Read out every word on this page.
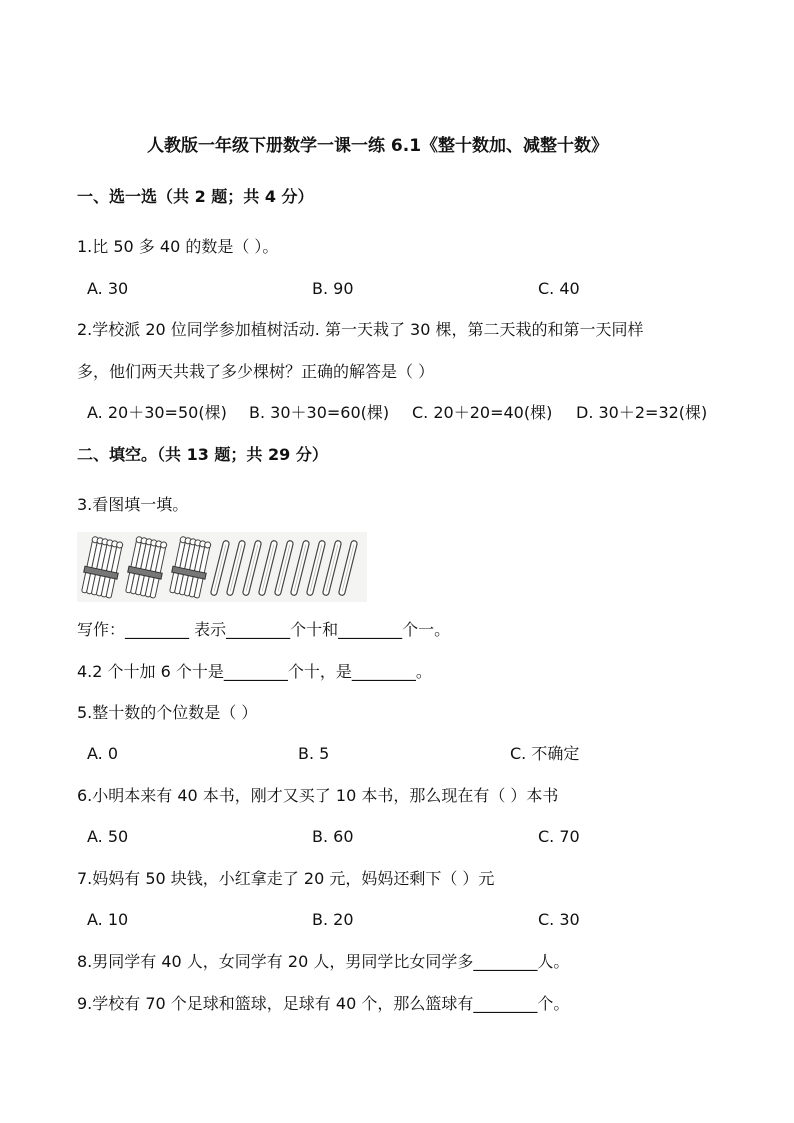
人教版一年级下册数学一课一练 6.1《整十数加、减整十数》
一、选一选（共 2 题；共 4 分）
1.比 50 多 40 的数是（ ）。
A. 30	B. 90	C. 40
2.学校派 20 位同学参加植树活动. 第一天栽了 30 棵，第二天栽的和第一天同样
多，他们两天共栽了多少棵树？正确的解答是（ ）
A. 20＋30=50(棵) B. 30＋30=60(棵) C. 20＋20=40(棵) D. 30＋2=32(棵)
二、填空。（共 13 题；共 29 分）
3.看图填一填。
写作：________ 表示________个十和________个一。
4.2 个十加 6 个十是________个十，是________。
5.整十数的个位数是（ ）
A. 0	B. 5	C. 不确定
6.小明本来有 40 本书，刚才又买了 10 本书，那么现在有（ ）本书
A. 50	B. 60	C. 70
7.妈妈有 50 块钱，小红拿走了 20 元，妈妈还剩下（ ）元
A. 10	B. 20	C. 30
8.男同学有 40 人，女同学有 20 人，男同学比女同学多________人。
9.学校有 70 个足球和篮球，足球有 40 个，那么篮球有________个。
